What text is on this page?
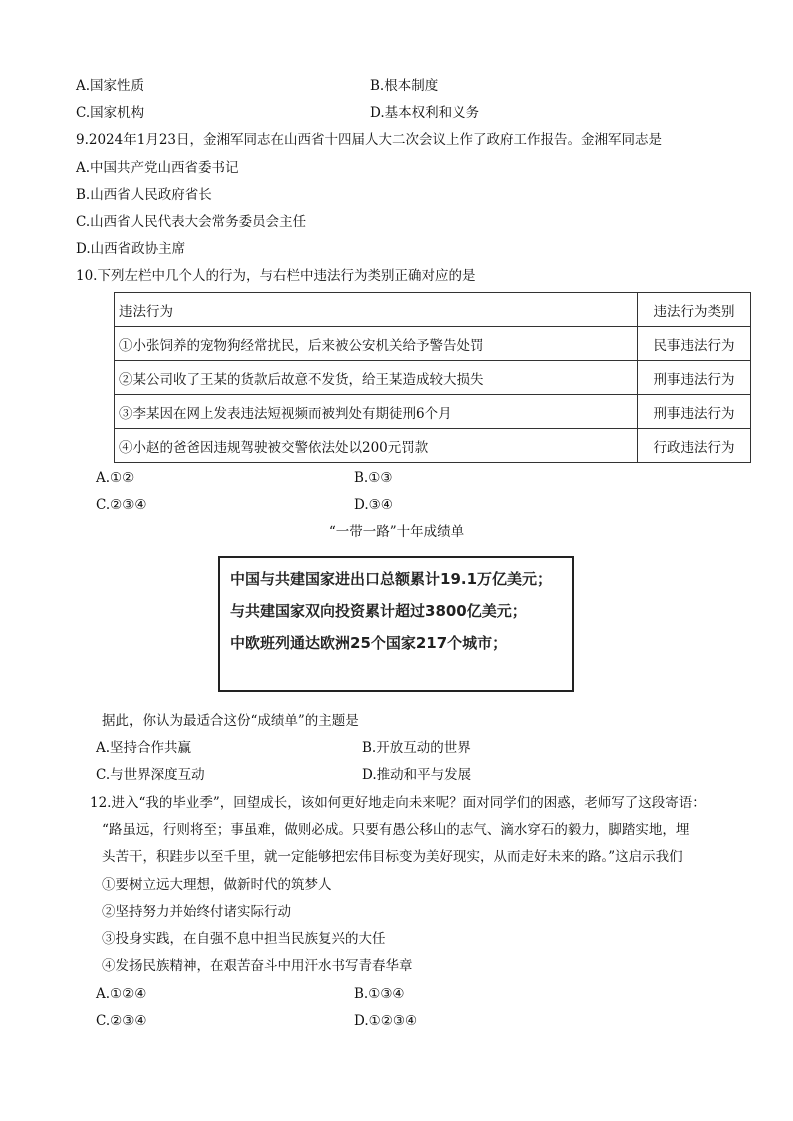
A.国家性质	B.根本制度
C.国家机构	D.基本权利和义务
9.2024年1月23日，金湘军同志在山西省十四届人大二次会议上作了政府工作报告。金湘军同志是
A.中国共产党山西省委书记
B.山西省人民政府省长
C.山西省人民代表大会常务委员会主任
D.山西省政协主席
10.下列左栏中几个人的行为，与右栏中违法行为类别正确对应的是
违法行为	违法行为类别
①小张饲养的宠物狗经常扰民，后来被公安机关给予警告处罚	民事违法行为
②某公司收了王某的货款后故意不发货，给王某造成较大损失	刑事违法行为
③李某因在网上发表违法短视频而被判处有期徒刑6个月	刑事违法行为
④小赵的爸爸因违规驾驶被交警依法处以200元罚款	行政违法行为
A.①②	B.①③
C.②③④	D.③④
“一带一路”十年成绩单
中国与共建国家进出口总额累计19.1万亿美元；
与共建国家双向投资累计超过3800亿美元；
中欧班列通达欧洲25个国家217个城市；
据此，你认为最适合这份“成绩单”的主题是
A.坚持合作共赢	B.开放互动的世界
C.与世界深度互动	D.推动和平与发展
12.进入“我的毕业季”，回望成长，该如何更好地走向未来呢？面对同学们的困惑，老师写了这段寄语：
“路虽远，行则将至；事虽难，做则必成。只要有愚公移山的志气、滴水穿石的毅力，脚踏实地，埋
头苦干，积跬步以至千里，就一定能够把宏伟目标变为美好现实，从而走好未来的路。”这启示我们
①要树立远大理想，做新时代的筑梦人
②坚持努力并始终付诸实际行动
③投身实践，在自强不息中担当民族复兴的大任
④发扬民族精神，在艰苦奋斗中用汗水书写青春华章
A.①②④	B.①③④
C.②③④	D.①②③④
